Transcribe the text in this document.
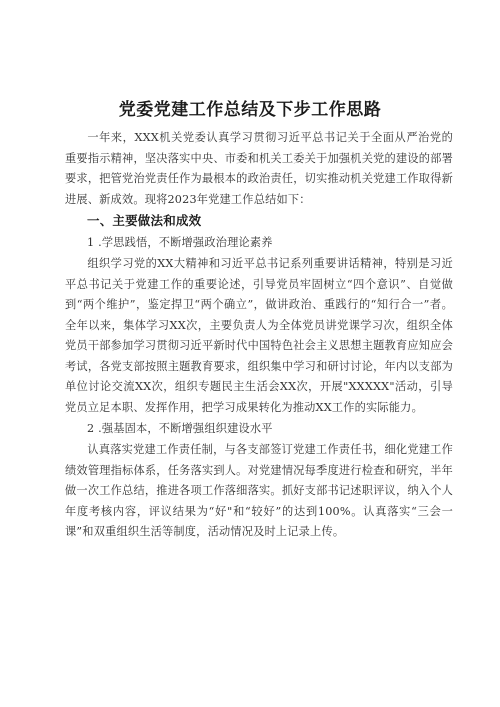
党委党建工作总结及下步工作思路

一年来，XXX机关党委认真学习贯彻习近平总书记关于全面从严治党的重要指示精神，坚决落实中央、市委和机关工委关于加强机关党的建设的部署要求，把管党治党责任作为最根本的政治责任，切实推动机关党建工作取得新进展、新成效。现将2023年党建工作总结如下：

一、主要做法和成效

1 .学思践悟，不断增强政治理论素养

组织学习党的XX大精神和习近平总书记系列重要讲话精神，特别是习近平总书记关于党建工作的重要论述，引导党员牢固树立“四个意识”、自觉做到“两个维护”，鉴定捍卫“两个确立”，做讲政治、重践行的“知行合一”者。全年以来，集体学习XX次，主要负责人为全体党员讲党课学习次，组织全体党员干部参加学习贯彻习近平新时代中国特色社会主义思想主题教育应知应会考试，各党支部按照主题教育要求，组织集中学习和研讨讨论，年内以支部为单位讨论交流XX次，组织专题民主生活会XX次，开展"XXXXX"活动，引导党员立足本职、发挥作用，把学习成果转化为推动XX工作的实际能力。

2 .强基固本，不断增强组织建设水平

认真落实党建工作责任制，与各支部签订党建工作责任书，细化党建工作绩效管理指标体系，任务落实到人。对党建情况每季度进行检查和研究，半年做一次工作总结，推进各项工作落细落实。抓好支部书记述职评议，纳入个人年度考核内容，评议结果为“好"和“较好”的达到100%。认真落实“三会一课”和双重组织生活等制度，活动情况及时上记录上传。
